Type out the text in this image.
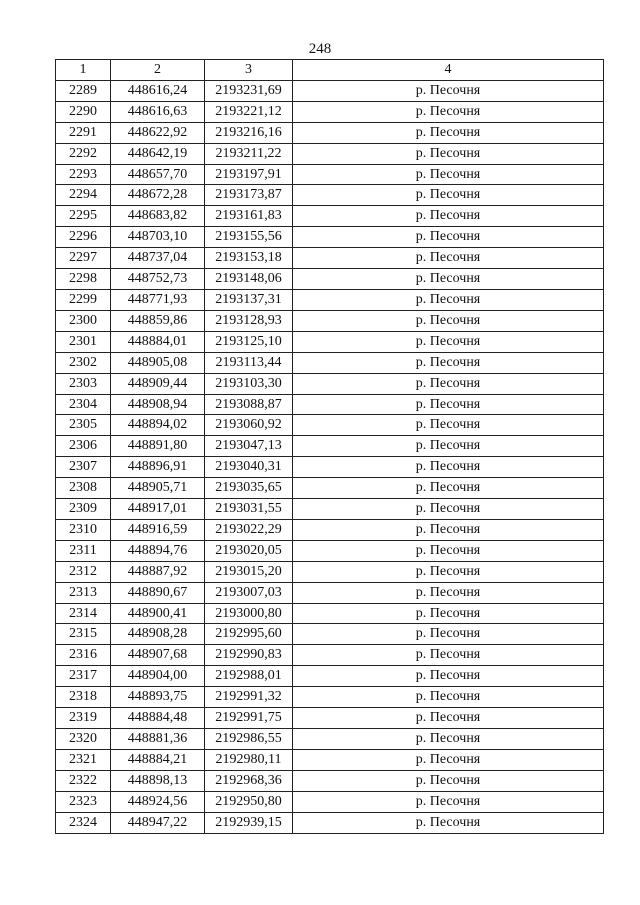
248
1	2	3	4
2289	448616,24	2193231,69	р. Песочня
2290	448616,63	2193221,12	р. Песочня
2291	448622,92	2193216,16	р. Песочня
2292	448642,19	2193211,22	р. Песочня
2293	448657,70	2193197,91	р. Песочня
2294	448672,28	2193173,87	р. Песочня
2295	448683,82	2193161,83	р. Песочня
2296	448703,10	2193155,56	р. Песочня
2297	448737,04	2193153,18	р. Песочня
2298	448752,73	2193148,06	р. Песочня
2299	448771,93	2193137,31	р. Песочня
2300	448859,86	2193128,93	р. Песочня
2301	448884,01	2193125,10	р. Песочня
2302	448905,08	2193113,44	р. Песочня
2303	448909,44	2193103,30	р. Песочня
2304	448908,94	2193088,87	р. Песочня
2305	448894,02	2193060,92	р. Песочня
2306	448891,80	2193047,13	р. Песочня
2307	448896,91	2193040,31	р. Песочня
2308	448905,71	2193035,65	р. Песочня
2309	448917,01	2193031,55	р. Песочня
2310	448916,59	2193022,29	р. Песочня
2311	448894,76	2193020,05	р. Песочня
2312	448887,92	2193015,20	р. Песочня
2313	448890,67	2193007,03	р. Песочня
2314	448900,41	2193000,80	р. Песочня
2315	448908,28	2192995,60	р. Песочня
2316	448907,68	2192990,83	р. Песочня
2317	448904,00	2192988,01	р. Песочня
2318	448893,75	2192991,32	р. Песочня
2319	448884,48	2192991,75	р. Песочня
2320	448881,36	2192986,55	р. Песочня
2321	448884,21	2192980,11	р. Песочня
2322	448898,13	2192968,36	р. Песочня
2323	448924,56	2192950,80	р. Песочня
2324	448947,22	2192939,15	р. Песочня
